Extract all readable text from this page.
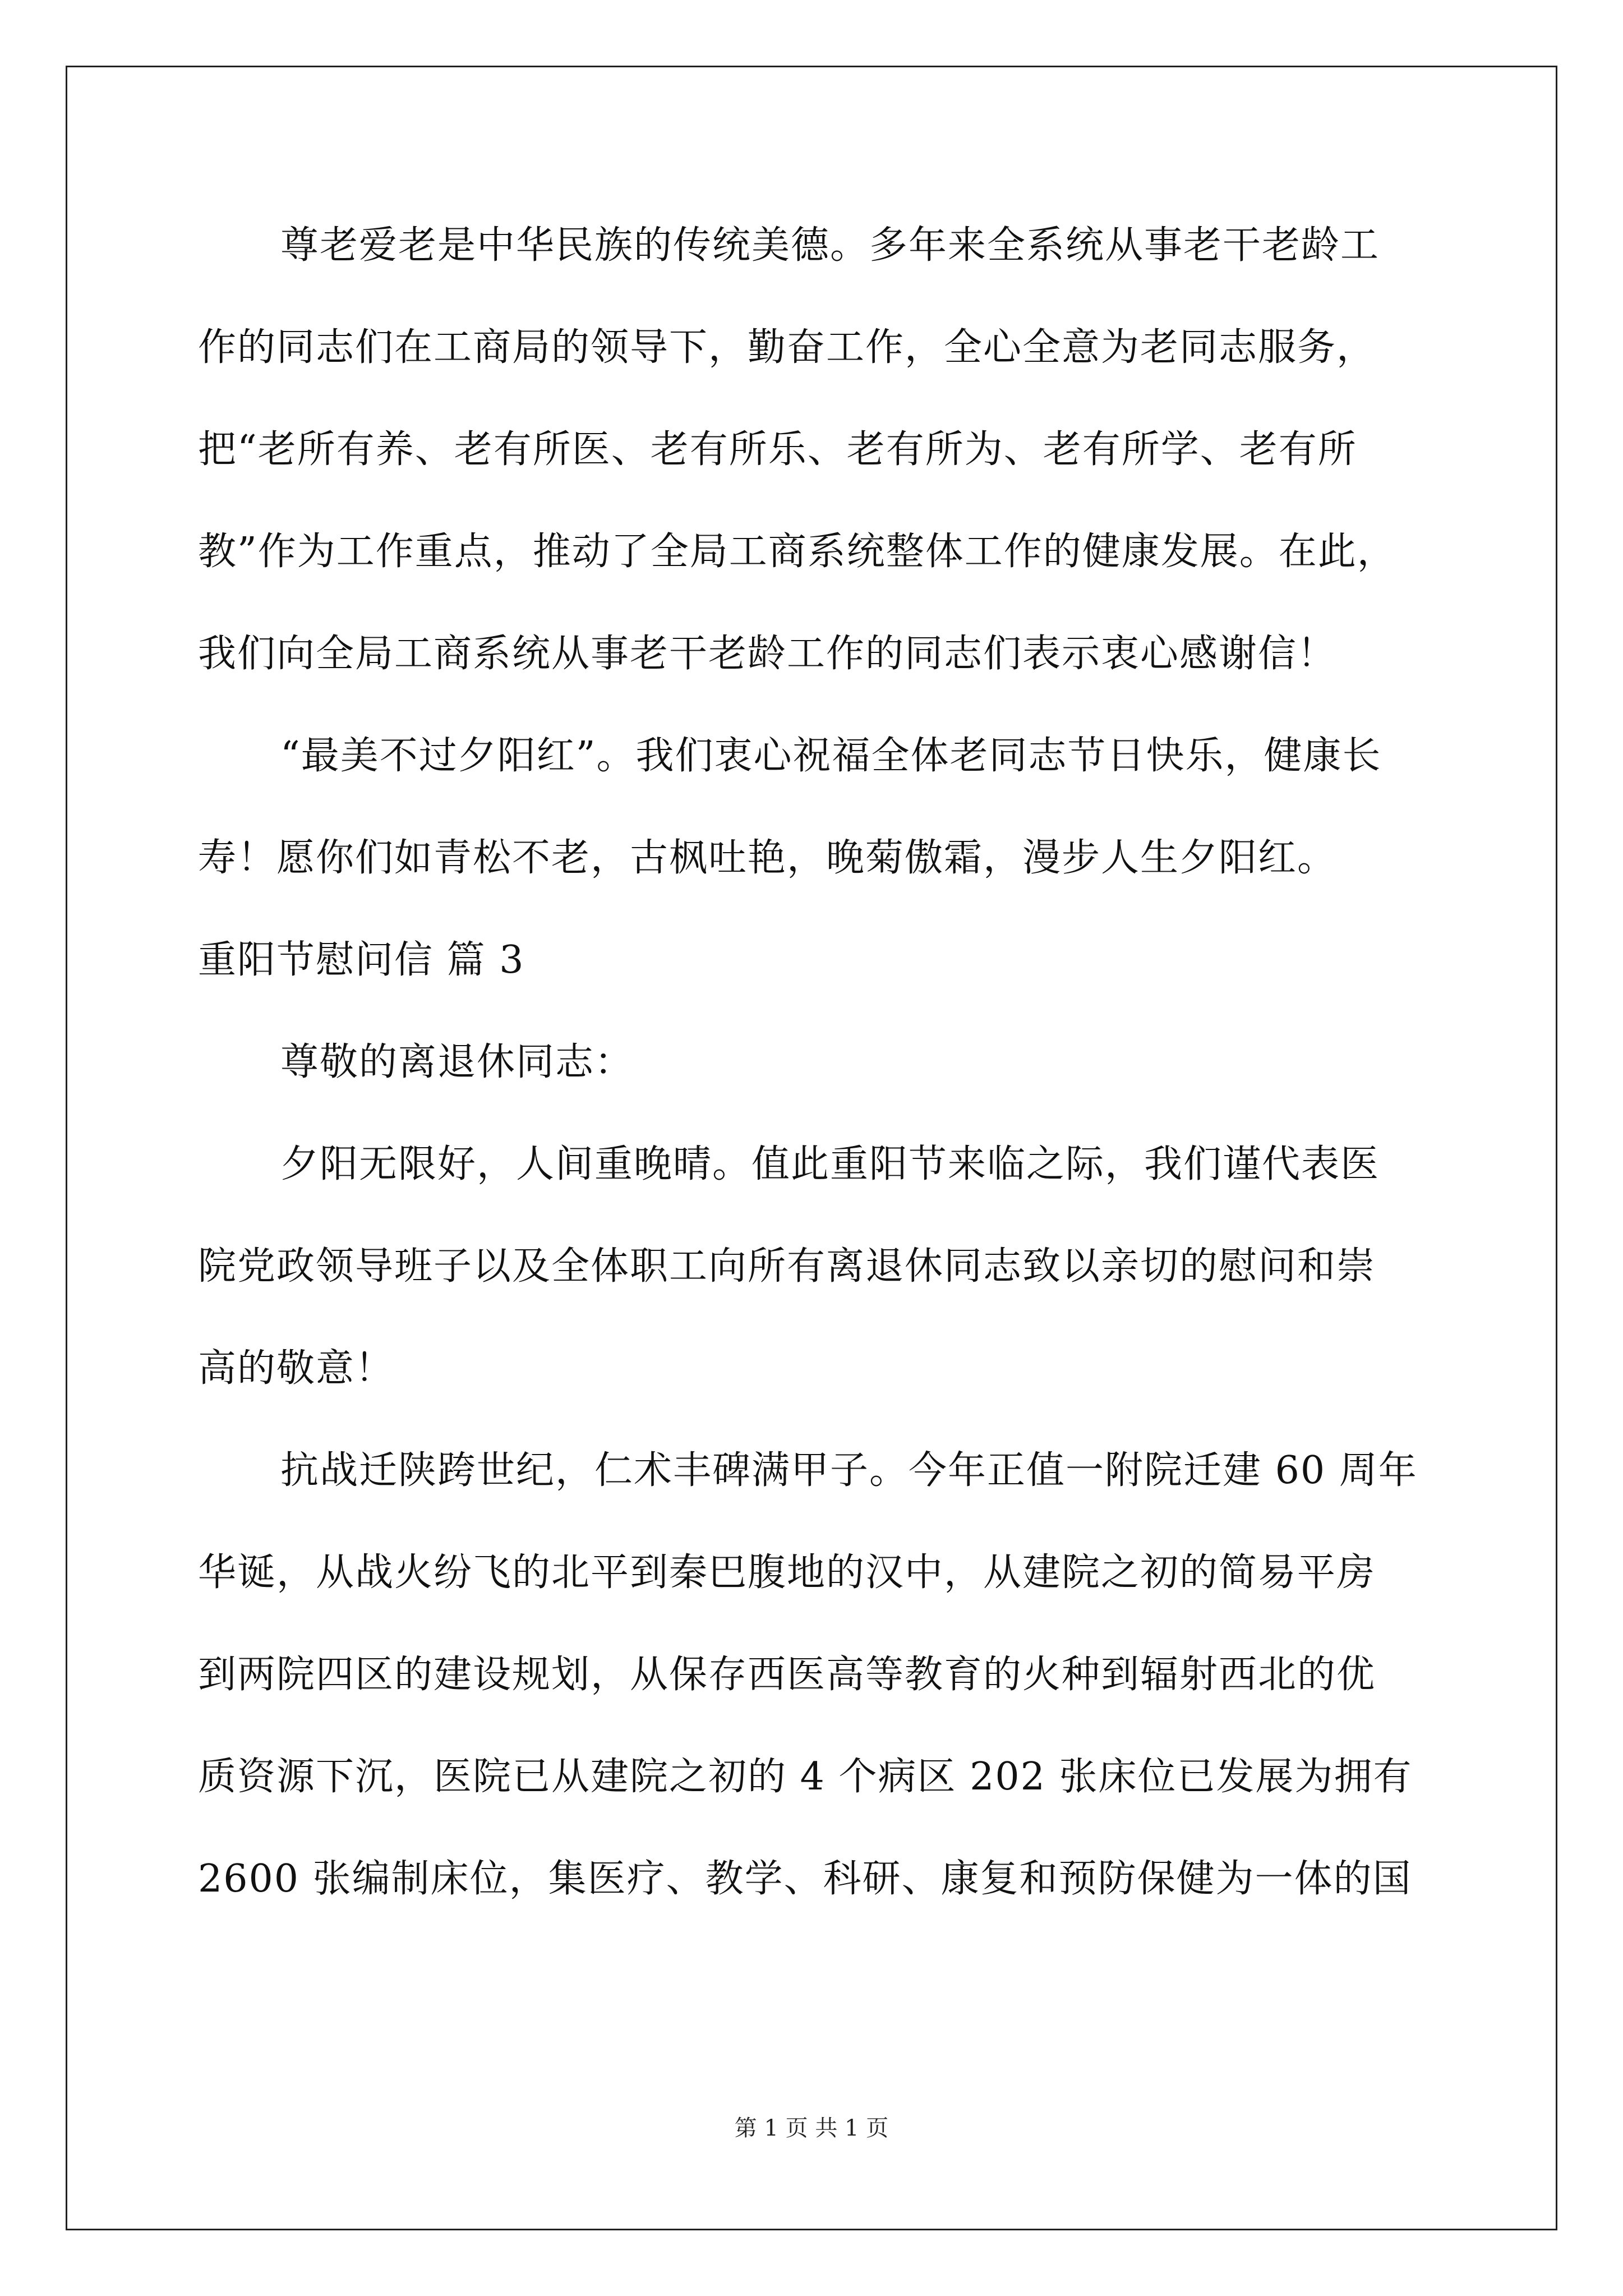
尊老爱老是中华民族的传统美德。多年来全系统从事老干老龄工
作的同志们在工商局的领导下，勤奋工作，全心全意为老同志服务，
把“老所有养、老有所医、老有所乐、老有所为、老有所学、老有所
教”作为工作重点，推动了全局工商系统整体工作的健康发展。在此，
我们向全局工商系统从事老干老龄工作的同志们表示衷心感谢信！
“最美不过夕阳红”。我们衷心祝福全体老同志节日快乐，健康长
寿！愿你们如青松不老，古枫吐艳，晚菊傲霜，漫步人生夕阳红。
重阳节慰问信 篇 3
尊敬的离退休同志：
夕阳无限好，人间重晚晴。值此重阳节来临之际，我们谨代表医
院党政领导班子以及全体职工向所有离退休同志致以亲切的慰问和崇
高的敬意！
抗战迁陕跨世纪，仁术丰碑满甲子。今年正值一附院迁建 60 周年
华诞，从战火纷飞的北平到秦巴腹地的汉中，从建院之初的简易平房
到两院四区的建设规划，从保存西医高等教育的火种到辐射西北的优
质资源下沉，医院已从建院之初的 4 个病区 202 张床位已发展为拥有
2600 张编制床位，集医疗、教学、科研、康复和预防保健为一体的国
第 1 页 共 1 页
